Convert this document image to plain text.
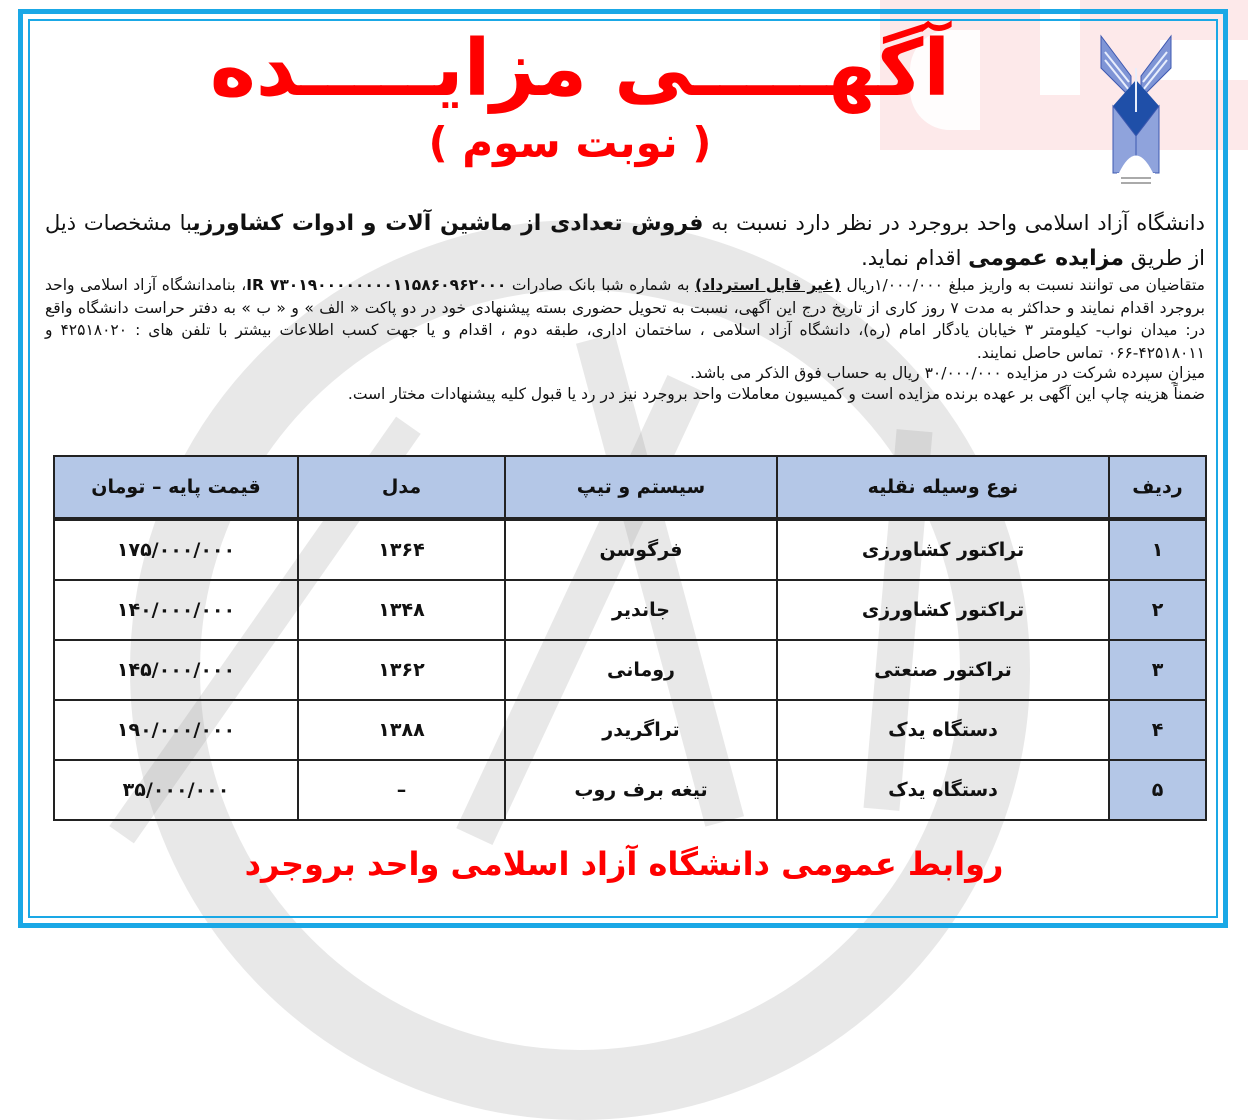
آگهـــــی مزایـــــده
( نوبت سوم )
دانشگاه آزاد اسلامی واحد بروجرد در نظر دارد نسبت به فروش تعدادی از ماشین آلات و ادوات کشاورزیبا مشخصات ذیل از طریق مزایده عمومی اقدام نماید.
متقاضیان می توانند نسبت به واریز مبلغ ۱/۰۰۰/۰۰۰ریال (غیر قابل استرداد) به شماره شبا بانک صادرات IR ۷۳۰۱۹۰۰۰۰۰۰۰۰۱۱۵۸۶۰۹۶۲۰۰۰، بنامدانشگاه آزاد اسلامی واحد بروجرد اقدام نمایند و حداکثر به مدت ۷ روز کاری از تاریخ درج این آگهی، نسبت به تحویل حضوری بسته پیشنهادی خود در دو پاکت « الف » و « ب » به دفتر حراست دانشگاه واقع در: میدان نواب- کیلومتر ۳ خیابان یادگار امام (ره)، دانشگاه آزاد اسلامی ، ساختمان اداری، طبقه دوم ، اقدام و یا جهت کسب اطلاعات بیشتر با تلفن های : ۴۲۵۱۸۰۲۰ و ۴۲۵۱۸۰۱۱-۰۶۶ تماس حاصل نمایند.
میزانِ سپرده شرکت در مزایده ۳۰/۰۰۰/۰۰۰ ریال به حساب فوق الذکر می باشد.
ضمناً هزینه چاپ این آگهی بر عهده برنده مزایده است و کمیسیون معاملات واحد بروجرد نیز در رد یا قبول کلیه پیشنهادات مختار است.
ردیف	نوع وسیله نقلیه	سیستم و تیپ	مدل	قیمت پایه – تومان
۱	تراکتور کشاورزی	فرگوسن	۱۳۶۴	۱۷۵/۰۰۰/۰۰۰
۲	تراکتور کشاورزی	جاندیر	۱۳۴۸	۱۴۰/۰۰۰/۰۰۰
۳	تراکتور صنعتی	رومانی	۱۳۶۲	۱۴۵/۰۰۰/۰۰۰
۴	دستگاه یدک	تراگریدر	۱۳۸۸	۱۹۰/۰۰۰/۰۰۰
۵	دستگاه یدک	تیغه برف روب	–	۳۵/۰۰۰/۰۰۰
روابط عمومی دانشگاه آزاد اسلامی واحد بروجرد
